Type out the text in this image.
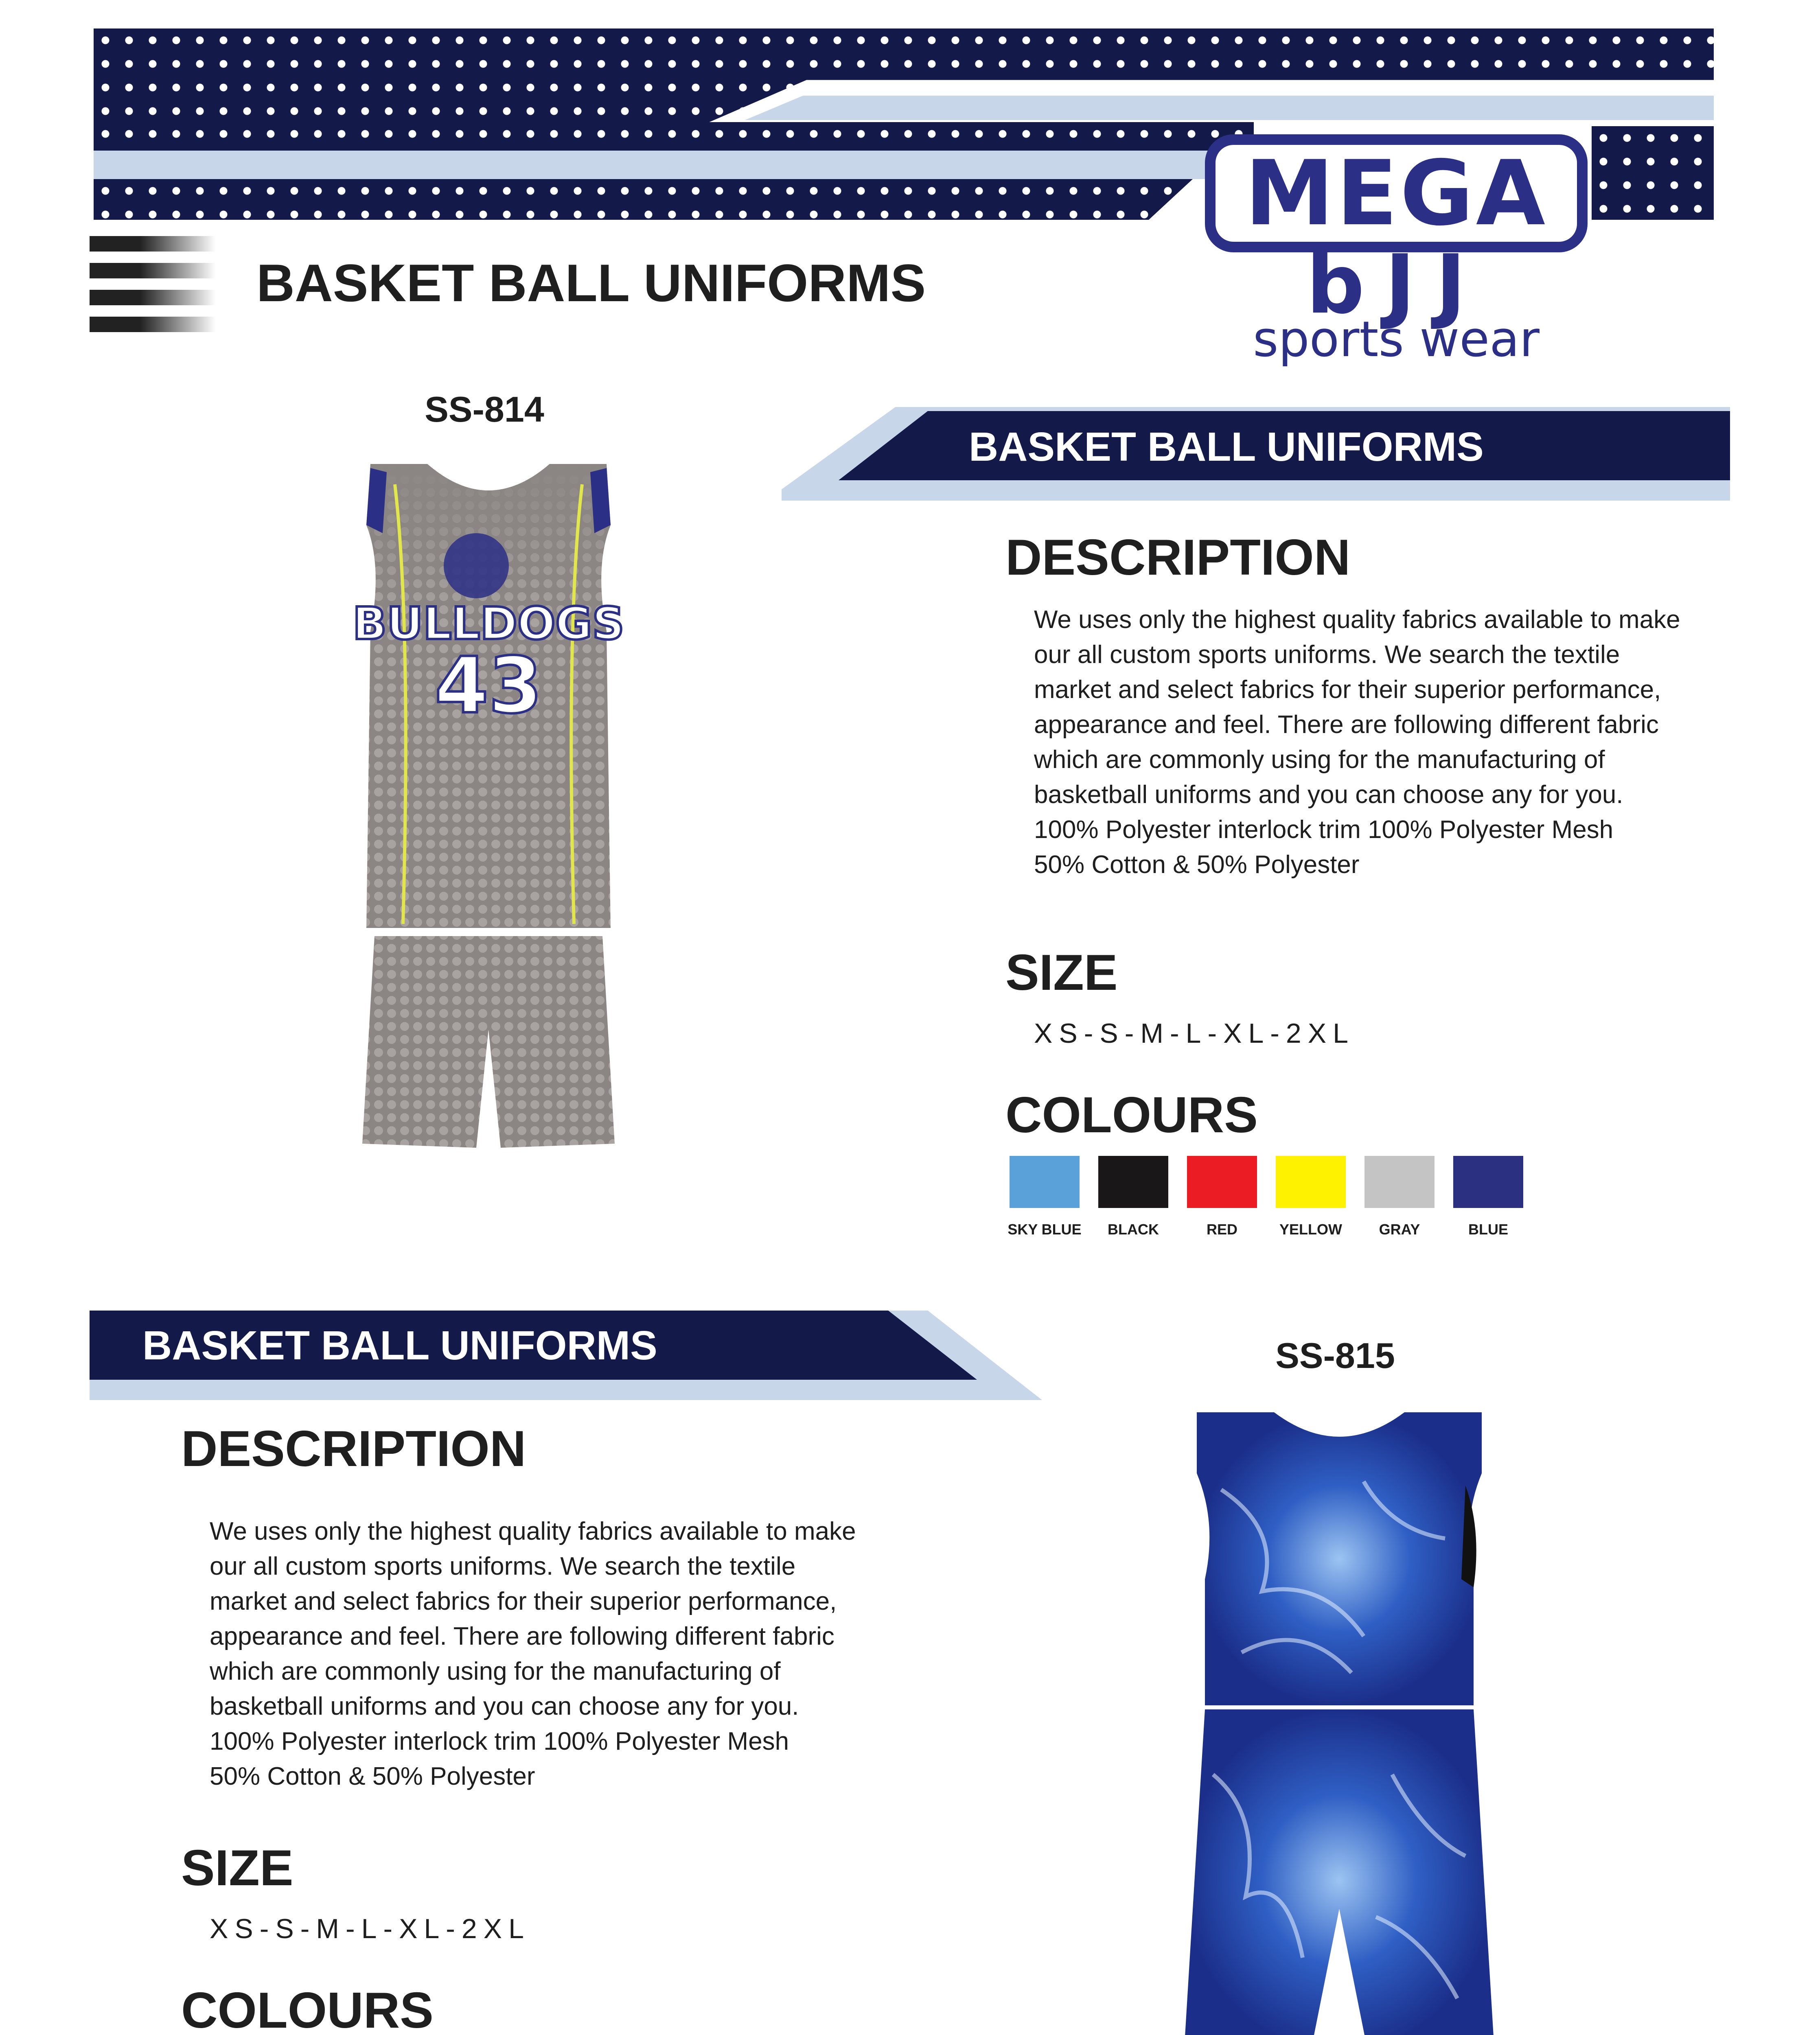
MEGA
bJJ
sports wear
BASKET BALL UNIFORMS
SS-814
BULLDOGS
43
BASKET BALL UNIFORMS
DESCRIPTION
We uses only the highest quality fabrics available to make
our all custom sports uniforms. We search the textile
market and select fabrics for their superior performance,
appearance and feel. There are following different fabric
which are commonly using for the manufacturing of
basketball uniforms and you can choose any for you.
100% Polyester interlock trim 100% Polyester Mesh
50% Cotton & 50% Polyester
SIZE
XS-S-M-L-XL-2XL
COLOURS
SKY BLUE	BLACK	RED	YELLOW	GRAY	BLUE
BASKET BALL UNIFORMS	SS-815
DESCRIPTION
We uses only the highest quality fabrics available to make
our all custom sports uniforms. We search the textile
market and select fabrics for their superior performance,
appearance and feel. There are following different fabric
which are commonly using for the manufacturing of
basketball uniforms and you can choose any for you.
100% Polyester interlock trim 100% Polyester Mesh
50% Cotton & 50% Polyester
SIZE
XS-S-M-L-XL-2XL
COLOURS
